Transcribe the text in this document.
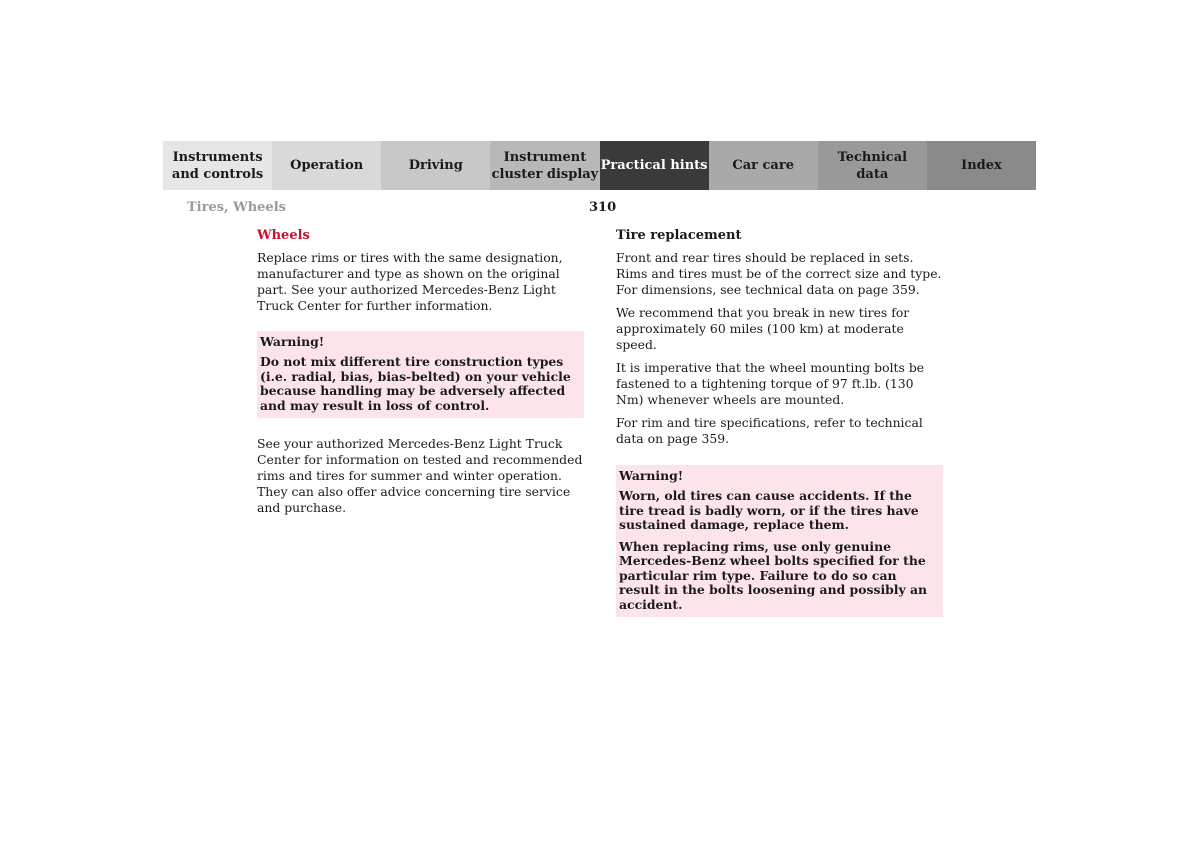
Instruments
and controls
Operation	Driving
Instrument
cluster display
Practical hints	Car care
Technical
data
Index
Tires, Wheels	310
Wheels

Replace rims or tires with the same designation, manufacturer and type as shown on the original part. See your authorized Mercedes-Benz Light Truck Center for further information.

Warning!
Do not mix different tire construction types (i.e. radial, bias, bias-belted) on your vehicle because handling may be adversely affected and may result in loss of control.

See your authorized Mercedes-Benz Light Truck Center for information on tested and recommended rims and tires for summer and winter operation. They can also offer advice concerning tire service and purchase.

Tire replacement

Front and rear tires should be replaced in sets. Rims and tires must be of the correct size and type. For dimensions, see technical data on page 359.

We recommend that you break in new tires for approximately 60 miles (100 km) at moderate speed.

It is imperative that the wheel mounting bolts be fastened to a tightening torque of 97 ft.lb. (130 Nm) whenever wheels are mounted.

For rim and tire specifications, refer to technical data on page 359.

Warning!
Worn, old tires can cause accidents. If the tire tread is badly worn, or if the tires have sustained damage, replace them.
When replacing rims, use only genuine Mercedes-Benz wheel bolts specified for the particular rim type. Failure to do so can result in the bolts loosening and possibly an accident.
